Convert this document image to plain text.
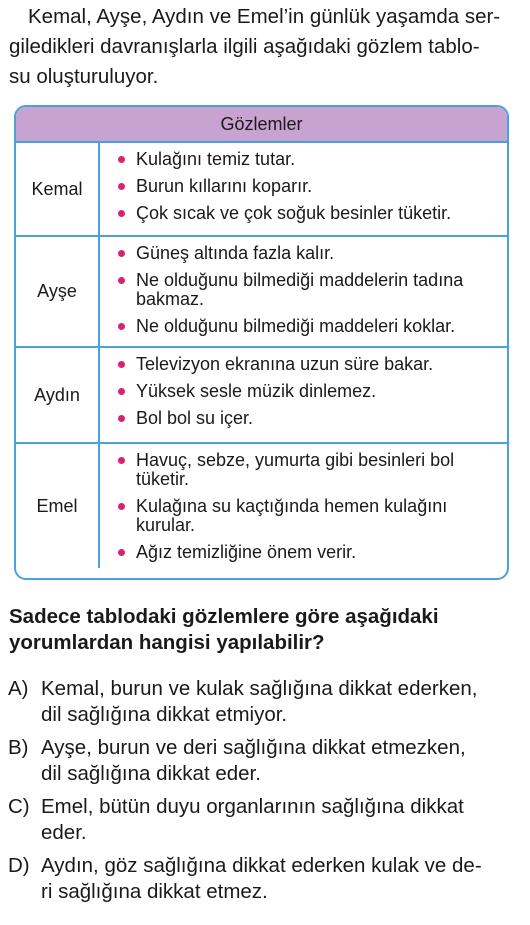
Kemal, Ayşe, Aydın ve Emel’in günlük yaşamda ser-
giledikleri davranışlarla ilgili aşağıdaki gözlem tablo-
su oluşturuluyor.
Gözlemler
Kemal
Kulağını temiz tutar.
Burun kıllarını koparır.
Çok sıcak ve çok soğuk besinler tüketir.
Ayşe
Güneş altında fazla kalır.
Ne olduğunu bilmediği maddelerin tadına
bakmaz.
Ne olduğunu bilmediği maddeleri koklar.
Aydın
Televizyon ekranına uzun süre bakar.
Yüksek sesle müzik dinlemez.
Bol bol su içer.
Emel
Havuç, sebze, yumurta gibi besinleri bol
tüketir.
Kulağına su kaçtığında hemen kulağını
kurular.
Ağız temizliğine önem verir.
Sadece tablodaki gözlemlere göre aşağıdaki
yorumlardan hangisi yapılabilir?
A) Kemal, burun ve kulak sağlığına dikkat ederken,
dil sağlığına dikkat etmiyor.
B) Ayşe, burun ve deri sağlığına dikkat etmezken,
dil sağlığına dikkat eder.
C) Emel, bütün duyu organlarının sağlığına dikkat
eder.
D) Aydın, göz sağlığına dikkat ederken kulak ve de-
ri sağlığına dikkat etmez.
